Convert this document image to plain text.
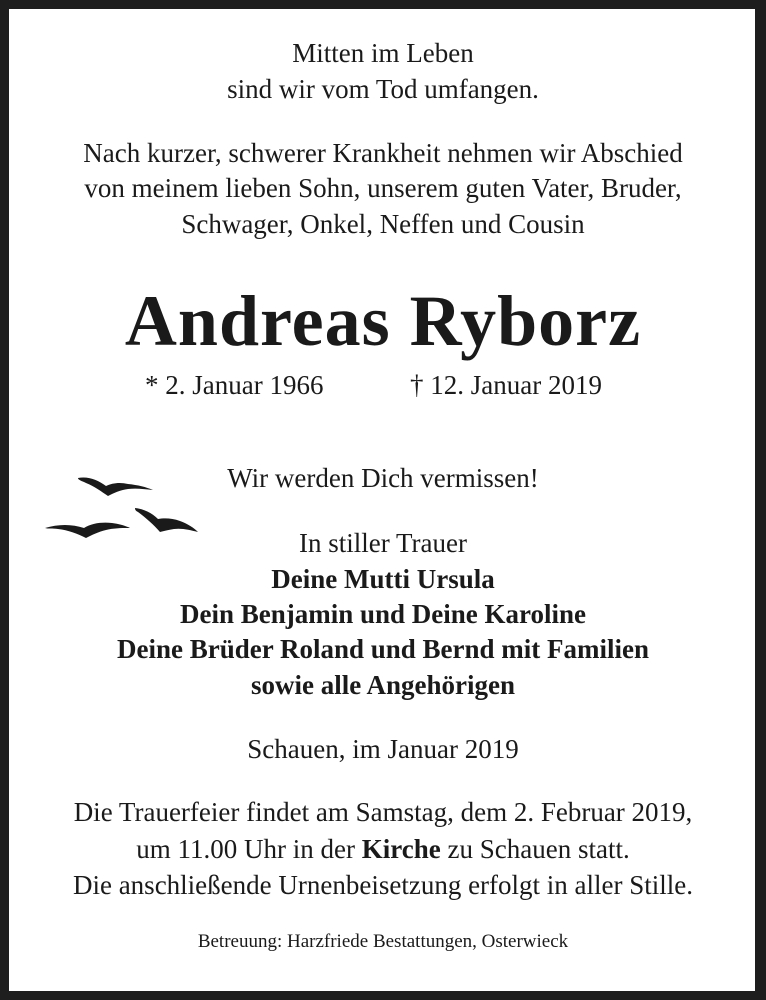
Mitten im Leben
sind wir vom Tod umfangen.
Nach kurzer, schwerer Krankheit nehmen wir Abschied
von meinem lieben Sohn, unserem guten Vater, Bruder,
Schwager, Onkel, Neffen und Cousin
Andreas Ryborz
* 2. Januar 1966	† 12. Januar 2019
Wir werden Dich vermissen!
In stiller Trauer
Deine Mutti Ursula
Dein Benjamin und Deine Karoline
Deine Brüder Roland und Bernd mit Familien
sowie alle Angehörigen
Schauen, im Januar 2019
Die Trauerfeier findet am Samstag, dem 2. Februar 2019,
um 11.00 Uhr in der Kirche zu Schauen statt.
Die anschließende Urnenbeisetzung erfolgt in aller Stille.
Betreuung: Harzfriede Bestattungen, Osterwieck
